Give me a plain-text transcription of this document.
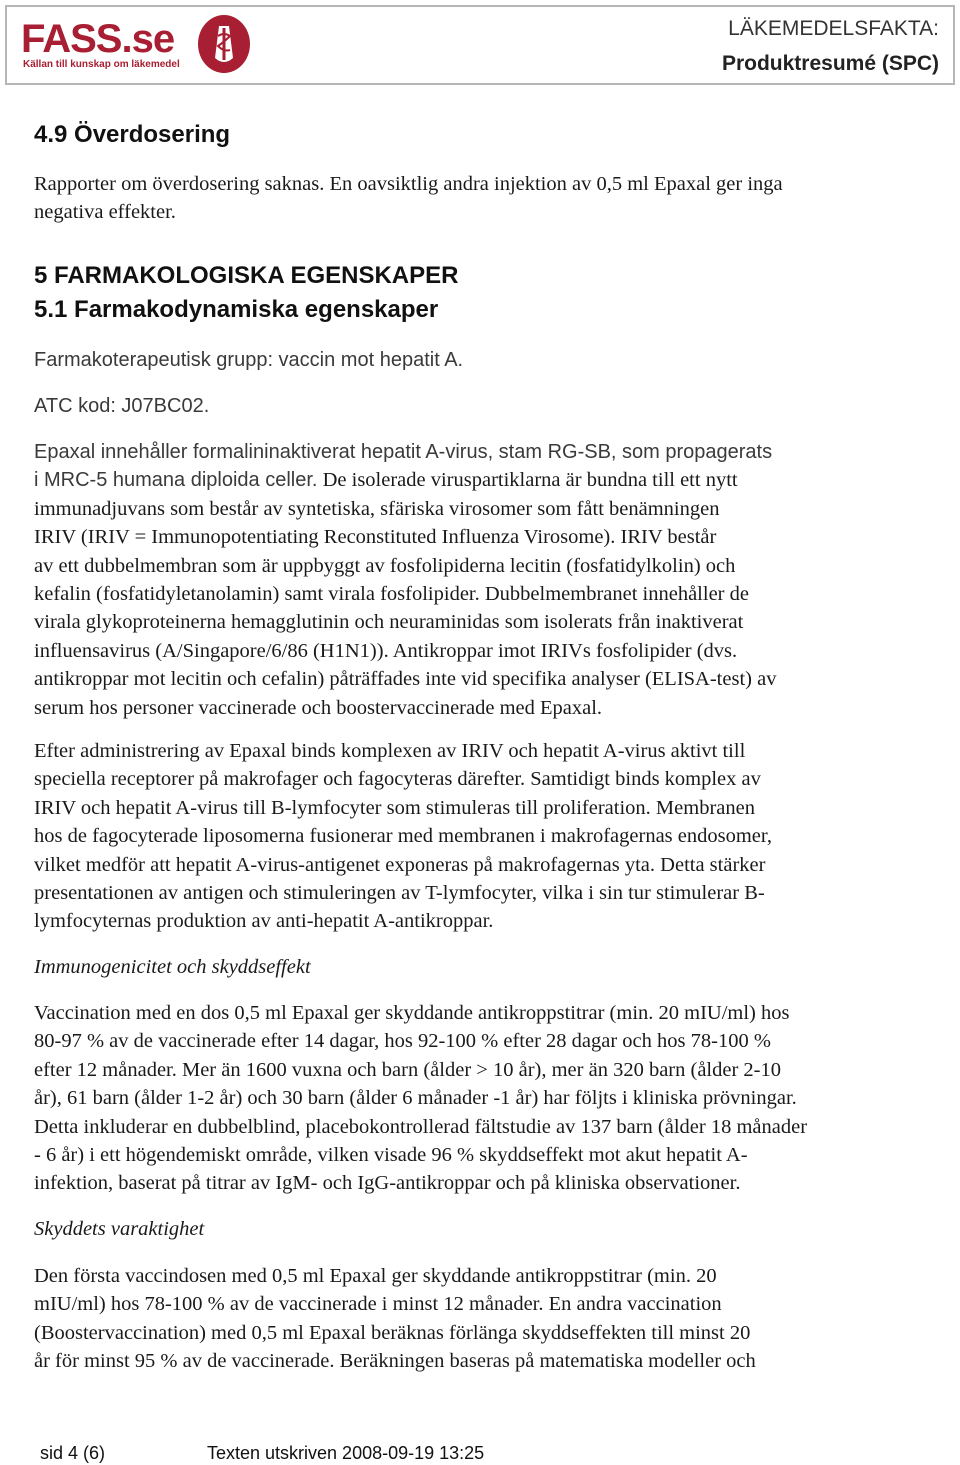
FASS.se
Källan till kunskap om läkemedel
LÄKEMEDELSFAKTA:
Produktresumé (SPC)
4.9 Överdosering
Rapporter om överdosering saknas. En oavsiktlig andra injektion av 0,5 ml Epaxal ger inga
negativa effekter.
5 FARMAKOLOGISKA EGENSKAPER
5.1 Farmakodynamiska egenskaper
Farmakoterapeutisk grupp: vaccin mot hepatit A.
ATC kod: J07BC02.
Epaxal innehåller formalininaktiverat hepatit A-virus, stam RG-SB, som propagerats
i MRC-5 humana diploida celler. De isolerade viruspartiklarna är bundna till ett nytt
immunadjuvans som består av syntetiska, sfäriska virosomer som fått benämningen
IRIV (IRIV = Immunopotentiating Reconstituted Influenza Virosome). IRIV består
av ett dubbelmembran som är uppbyggt av fosfolipiderna lecitin (fosfatidylkolin) och
kefalin (fosfatidyletanolamin) samt virala fosfolipider. Dubbelmembranet innehåller de
virala glykoproteinerna hemagglutinin och neuraminidas som isolerats från inaktiverat
influensavirus (A/Singapore/6/86 (H1N1)). Antikroppar imot IRIVs fosfolipider (dvs.
antikroppar mot lecitin och cefalin) påträffades inte vid specifika analyser (ELISA-test) av
serum hos personer vaccinerade och boostervaccinerade med Epaxal.
Efter administrering av Epaxal binds komplexen av IRIV och hepatit A-virus aktivt till
speciella receptorer på makrofager och fagocyteras därefter. Samtidigt binds komplex av
IRIV och hepatit A-virus till B-lymfocyter som stimuleras till proliferation. Membranen
hos de fagocyterade liposomerna fusionerar med membranen i makrofagernas endosomer,
vilket medför att hepatit A-virus-antigenet exponeras på makrofagernas yta. Detta stärker
presentationen av antigen och stimuleringen av T-lymfocyter, vilka i sin tur stimulerar B-
lymfocyternas produktion av anti-hepatit A-antikroppar.
Immunogenicitet och skyddseffekt
Vaccination med en dos 0,5 ml Epaxal ger skyddande antikroppstitrar (min. 20 mIU/ml) hos
80-97 % av de vaccinerade efter 14 dagar, hos 92-100 % efter 28 dagar och hos 78-100 %
efter 12 månader. Mer än 1600 vuxna och barn (ålder > 10 år), mer än 320 barn (ålder 2-10
år), 61 barn (ålder 1-2 år) och 30 barn (ålder 6 månader -1 år) har följts i kliniska prövningar.
Detta inkluderar en dubbelblind, placebokontrollerad fältstudie av 137 barn (ålder 18 månader
- 6 år) i ett högendemiskt område, vilken visade 96 % skyddseffekt mot akut hepatit A-
infektion, baserat på titrar av IgM- och IgG-antikroppar och på kliniska observationer.
Skyddets varaktighet
Den första vaccindosen med 0,5 ml Epaxal ger skyddande antikroppstitrar (min. 20
mIU/ml) hos 78-100 % av de vaccinerade i minst 12 månader. En andra vaccination
(Boostervaccination) med 0,5 ml Epaxal beräknas förlänga skyddseffekten till minst 20
år för minst 95 % av de vaccinerade. Beräkningen baseras på matematiska modeller och
sid 4 (6)	Texten utskriven 2008-09-19 13:25
